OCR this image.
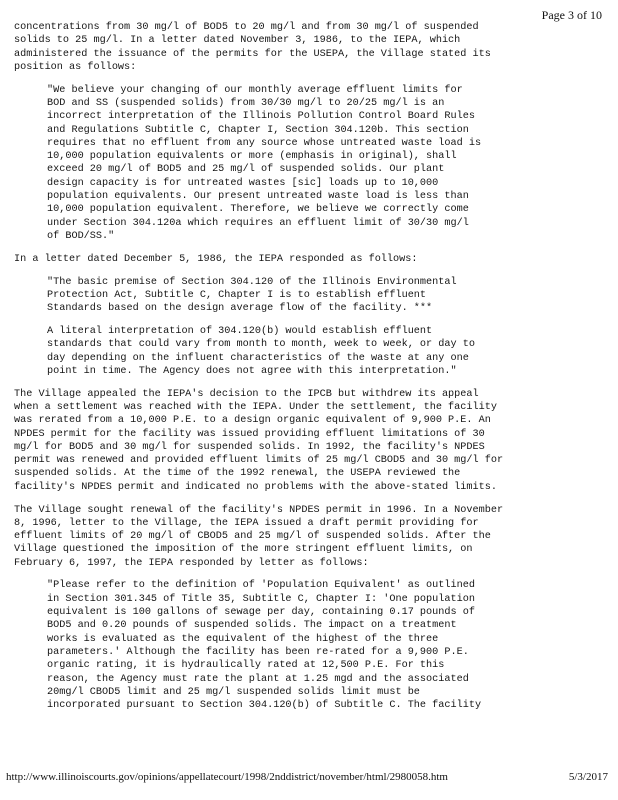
Page 3 of 10

concentrations from 30 mg/l of BOD5 to 20 mg/l and from 30 mg/l of suspended
solids to 25 mg/l. In a letter dated November 3, 1986, to the IEPA, which
administered the issuance of the permits for the USEPA, the Village stated its
position as follows:

"We believe your changing of our monthly average effluent limits for
BOD and SS (suspended solids) from 30/30 mg/l to 20/25 mg/l is an
incorrect interpretation of the Illinois Pollution Control Board Rules
and Regulations Subtitle C, Chapter I, Section 304.120b. This section
requires that no effluent from any source whose untreated waste load is
10,000 population equivalents or more (emphasis in original), shall
exceed 20 mg/l of BOD5 and 25 mg/l of suspended solids. Our plant
design capacity is for untreated wastes [sic] loads up to 10,000
population equivalents. Our present untreated waste load is less than
10,000 population equivalent. Therefore, we believe we correctly come
under Section 304.120a which requires an effluent limit of 30/30 mg/l
of BOD/SS."

In a letter dated December 5, 1986, the IEPA responded as follows:

"The basic premise of Section 304.120 of the Illinois Environmental
Protection Act, Subtitle C, Chapter I is to establish effluent
Standards based on the design average flow of the facility. ***

A literal interpretation of 304.120(b) would establish effluent
standards that could vary from month to month, week to week, or day to
day depending on the influent characteristics of the waste at any one
point in time. The Agency does not agree with this interpretation."

The Village appealed the IEPA's decision to the IPCB but withdrew its appeal
when a settlement was reached with the IEPA. Under the settlement, the facility
was rerated from a 10,000 P.E. to a design organic equivalent of 9,900 P.E. An
NPDES permit for the facility was issued providing effluent limitations of 30
mg/l for BOD5 and 30 mg/l for suspended solids. In 1992, the facility's NPDES
permit was renewed and provided effluent limits of 25 mg/l CBOD5 and 30 mg/l for
suspended solids. At the time of the 1992 renewal, the USEPA reviewed the
facility's NPDES permit and indicated no problems with the above-stated limits.

The Village sought renewal of the facility's NPDES permit in 1996. In a November
8, 1996, letter to the Village, the IEPA issued a draft permit providing for
effluent limits of 20 mg/l of CBOD5 and 25 mg/l of suspended solids. After the
Village questioned the imposition of the more stringent effluent limits, on
February 6, 1997, the IEPA responded by letter as follows:

"Please refer to the definition of 'Population Equivalent' as outlined
in Section 301.345 of Title 35, Subtitle C, Chapter I: 'One population
equivalent is 100 gallons of sewage per day, containing 0.17 pounds of
BOD5 and 0.20 pounds of suspended solids. The impact on a treatment
works is evaluated as the equivalent of the highest of the three
parameters.' Although the facility has been re-rated for a 9,900 P.E.
organic rating, it is hydraulically rated at 12,500 P.E. For this
reason, the Agency must rate the plant at 1.25 mgd and the associated
20mg/l CBOD5 limit and 25 mg/l suspended solids limit must be
incorporated pursuant to Section 304.120(b) of Subtitle C. The facility

http://www.illinoiscourts.gov/opinions/appellatecourt/1998/2nddistrict/november/html/2980058.htm	5/3/2017
